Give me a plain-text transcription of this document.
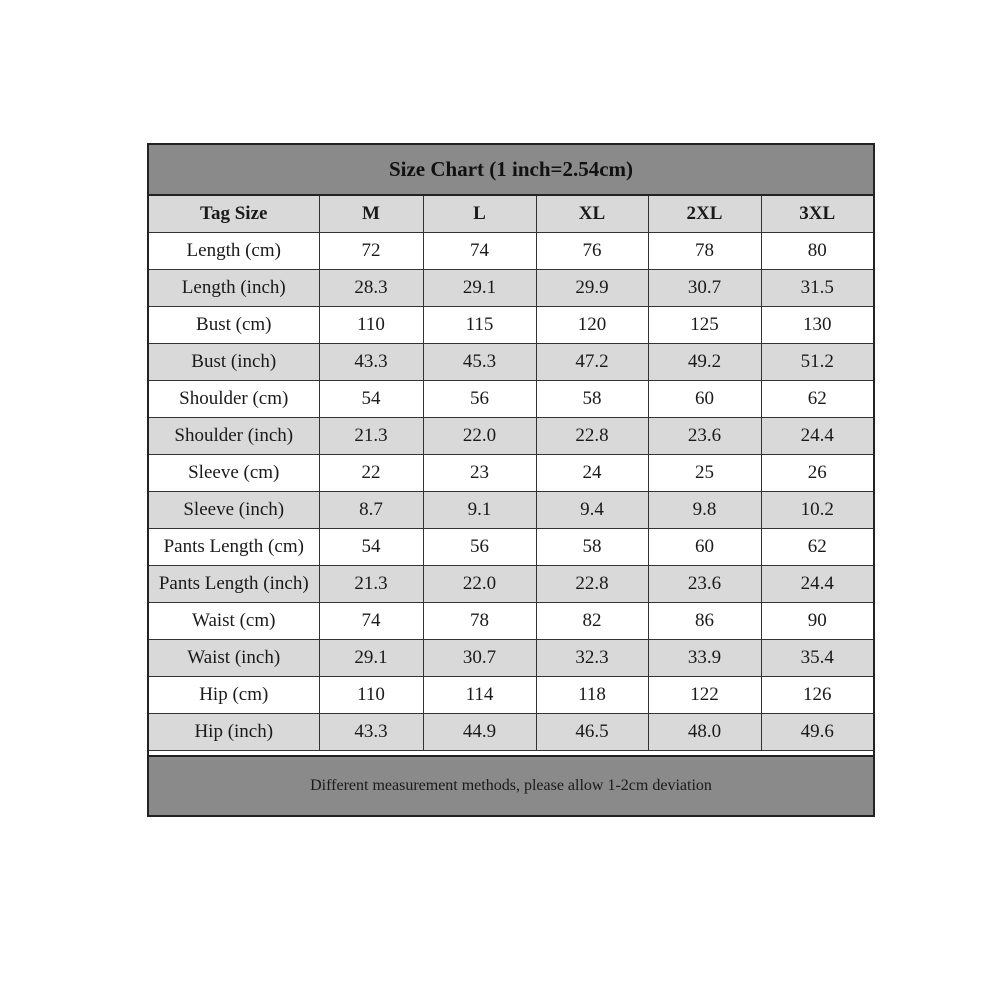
Size Chart (1 inch=2.54cm)
Tag Size	M	L	XL	2XL	3XL
Length (cm)	72	74	76	78	80
Length (inch)	28.3	29.1	29.9	30.7	31.5
Bust (cm)	110	115	120	125	130
Bust (inch)	43.3	45.3	47.2	49.2	51.2
Shoulder (cm)	54	56	58	60	62
Shoulder (inch)	21.3	22.0	22.8	23.6	24.4
Sleeve (cm)	22	23	24	25	26
Sleeve (inch)	8.7	9.1	9.4	9.8	10.2
Pants Length (cm)	54	56	58	60	62
Pants Length (inch)	21.3	22.0	22.8	23.6	24.4
Waist (cm)	74	78	82	86	90
Waist (inch)	29.1	30.7	32.3	33.9	35.4
Hip (cm)	110	114	118	122	126
Hip (inch)	43.3	44.9	46.5	48.0	49.6
Different measurement methods, please allow 1-2cm deviation
